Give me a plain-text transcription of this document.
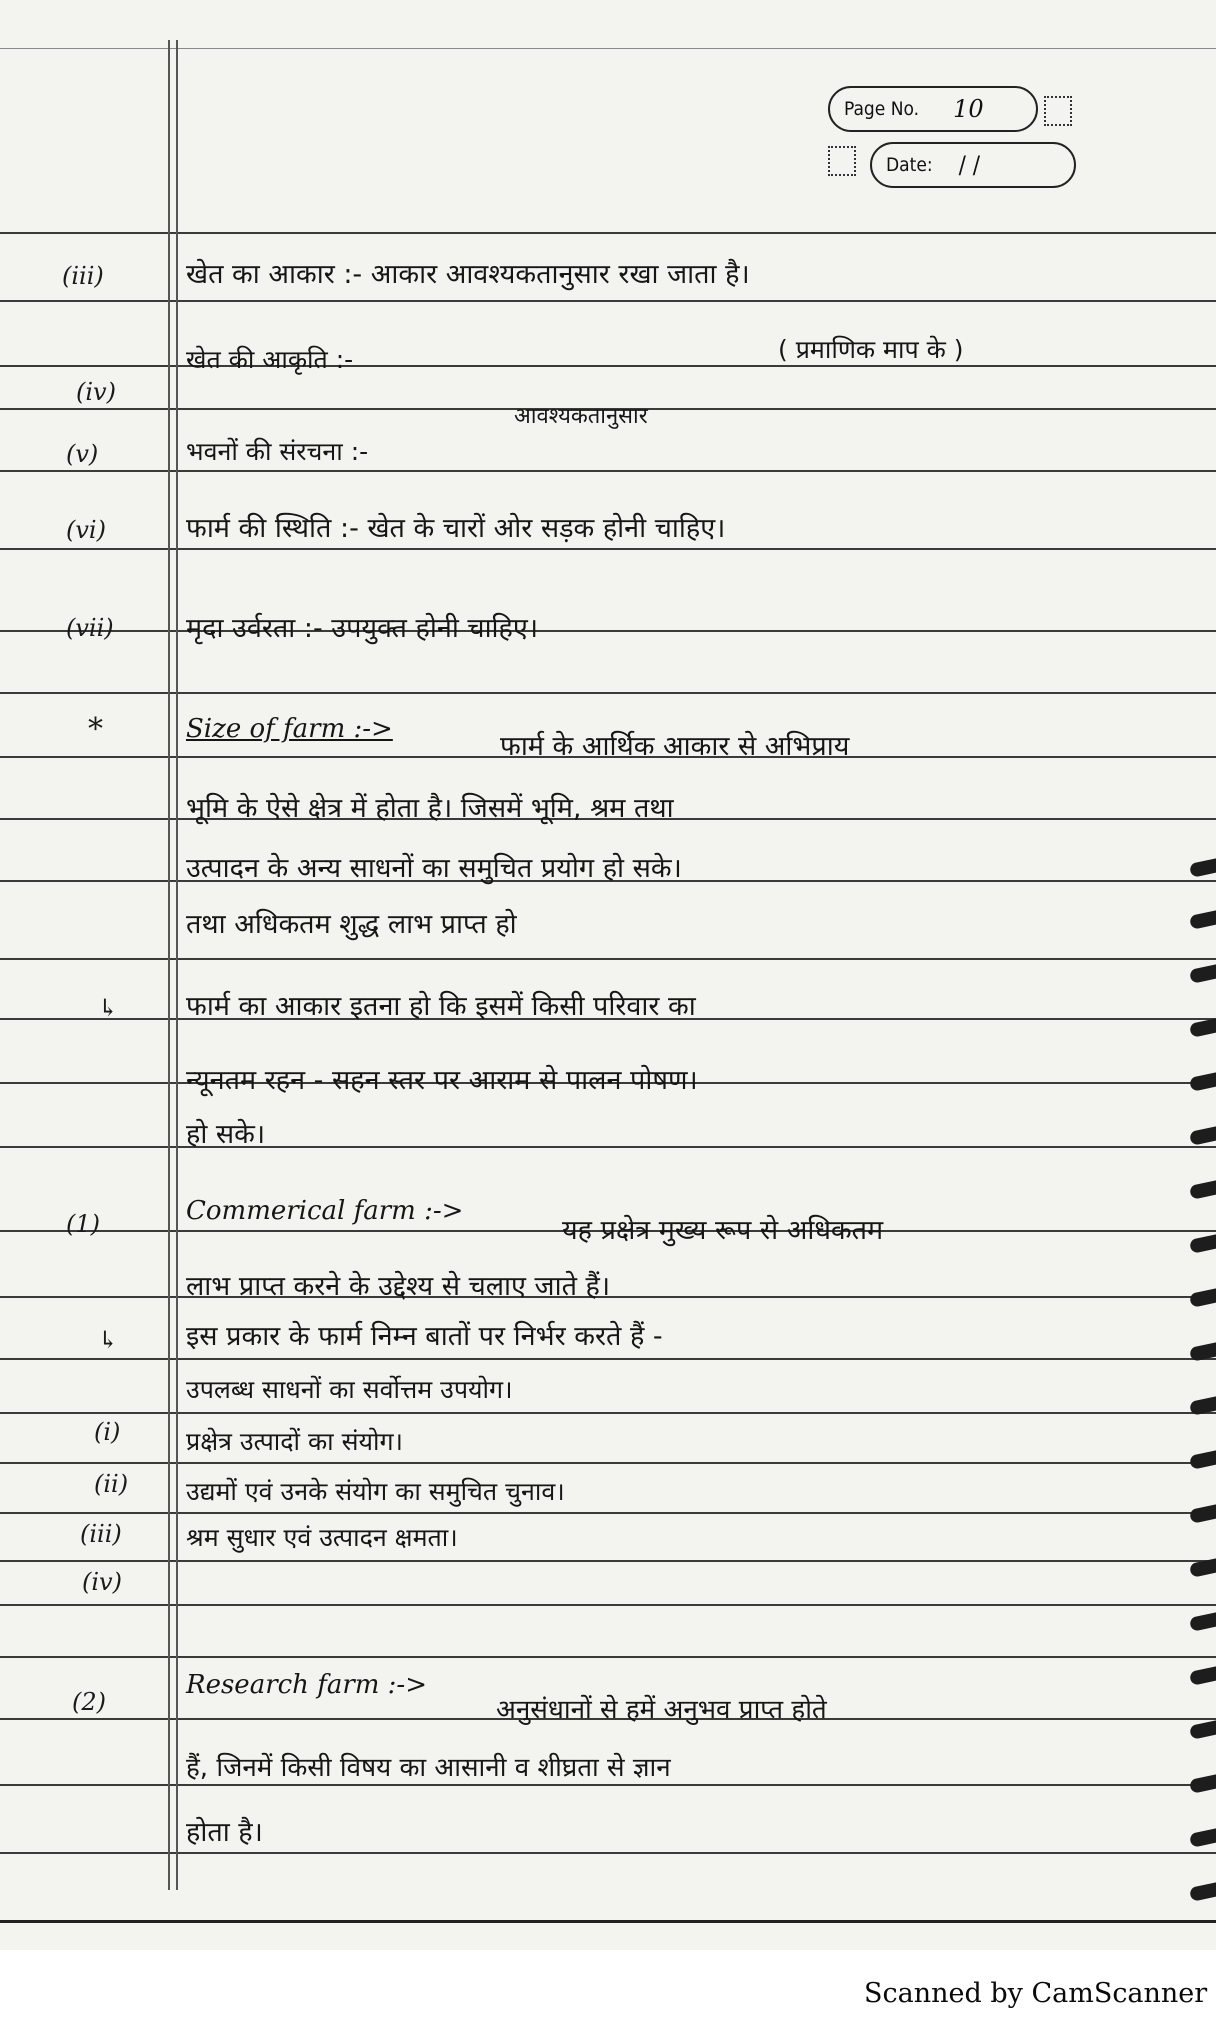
Page No. 10
Date: / /
(iii)	खेत का आकार :- आकार आवश्यकतानुसार रखा जाता है।
खेत की आकृति :-	( प्रमाणिक माप के )
(iv)
आवश्यकतानुसार
(v)	भवनों की संरचना :-
(vi)	फार्म की स्थिति :- खेत के चारों ओर सड़क होनी चाहिए।
(vii)	मृदा उर्वरता :- उपयुक्त होनी चाहिए।
*	Size of farm :->
फार्म के आर्थिक आकार से अभिप्राय
भूमि के ऐसे क्षेत्र में होता है। जिसमें भूमि, श्रम तथा
उत्पादन के अन्य साधनों का समुचित प्रयोग हो सके।
तथा अधिकतम शुद्ध लाभ प्राप्त हो
↳	फार्म का आकार इतना हो कि इसमें किसी परिवार का
न्यूनतम रहन - सहन स्तर पर आराम से पालन पोषण।
हो सके।
(1)	Commerical farm :->
यह प्रक्षेत्र मुख्य रूप से अधिकतम
लाभ प्राप्त करने के उद्देश्य से चलाए जाते हैं।
↳	इस प्रकार के फार्म निम्न बातों पर निर्भर करते हैं -
उपलब्ध साधनों का सर्वोत्तम उपयोग।
(i)	प्रक्षेत्र उत्पादों का संयोग।
(ii) उद्यमों एवं उनके संयोग का समुचित चुनाव।
(iii)	श्रम सुधार एवं उत्पादन क्षमता।
(iv)
(2)
Research farm :->
अनुसंधानों से हमें अनुभव प्राप्त होते
हैं, जिनमें किसी विषय का आसानी व शीघ्रता से ज्ञान
होता है।
Scanned by CamScanner
